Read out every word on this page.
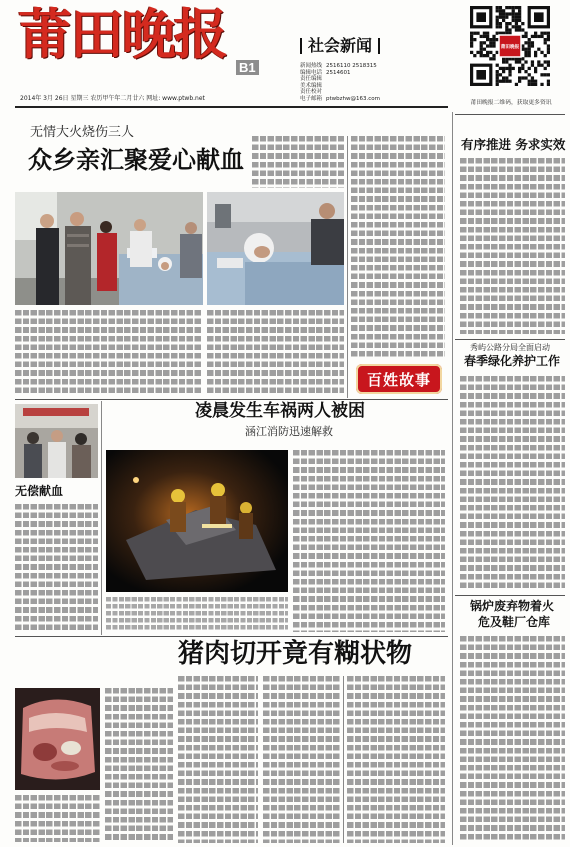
莆田晚报
B1
社会新闻
新闻热线 2516110 2518315
编辑电话 2514601
责任编辑
美术编辑
责任校对
电子邮箱 ptwbzhw@163.com
2014年 3月 26日 星期三 农历甲午年二月廿六 网址: www.ptwb.net
莆田晚报
莆田晚报二维码，获取更多资讯
无情大火烧伤三人
众乡亲汇聚爱心献血
百姓故事
无偿献血
凌晨发生车祸两人被困
涵江消防迅速解救
猪肉切开竟有糊状物
有序推进 务求实效
秀屿公路分局全面启动
春季绿化养护工作
锅炉废弃物着火
危及鞋厂仓库
